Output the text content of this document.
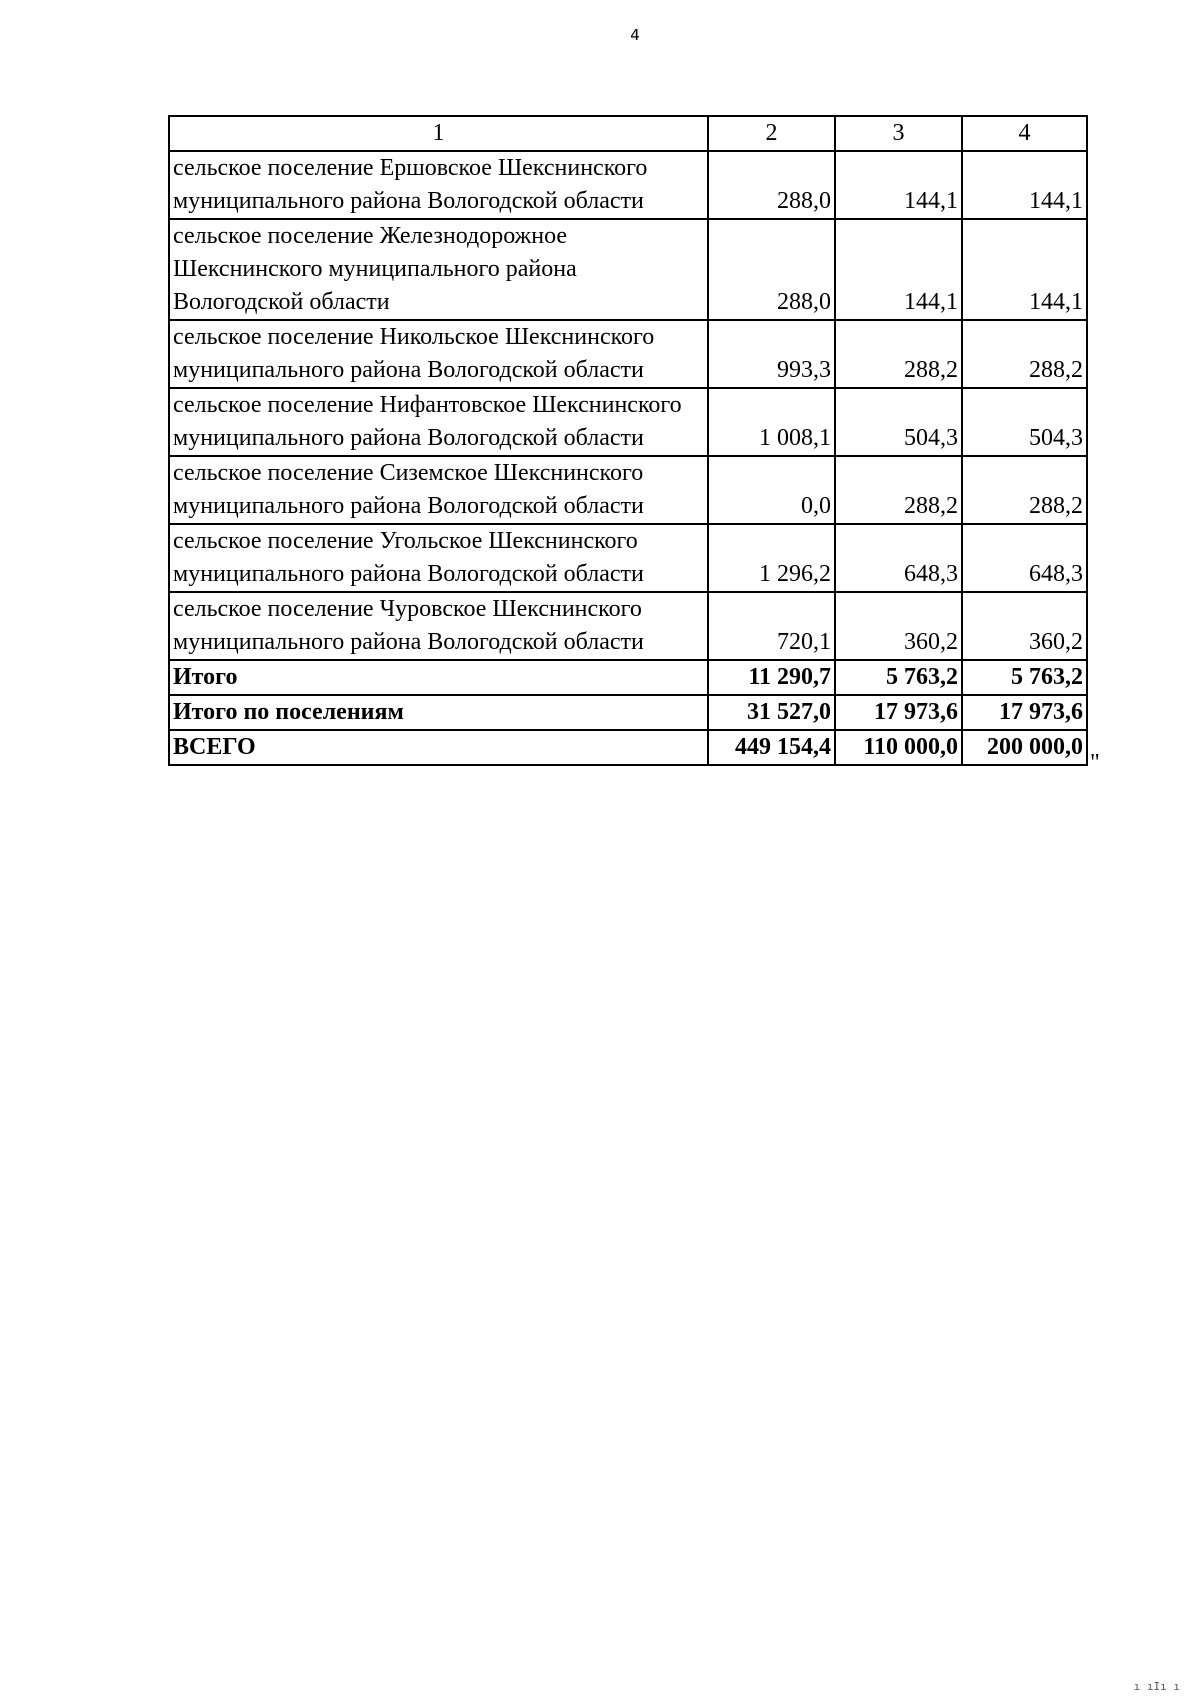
4
1	2	3	4
сельское поселение Ершовское Шекснинского муниципального района Вологодской области	288,0	144,1	144,1
сельское поселение Железнодорожное Шекснинского муниципального района Вологодской области	288,0	144,1	144,1
сельское поселение Никольское Шекснинского муниципального района Вологодской области	993,3	288,2	288,2
сельское поселение Нифантовское Шекснинского муниципального района Вологодской области	1 008,1	504,3	504,3
сельское поселение Сиземское Шекснинского муниципального района Вологодской области	0,0	288,2	288,2
сельское поселение Угольское Шекснинского муниципального района Вологодской области	1 296,2	648,3	648,3
сельское поселение Чуровское Шекснинского муниципального района Вологодской области	720,1	360,2	360,2
Итого	11 290,7	5 763,2	5 763,2
Итого по поселениям	31 527,0	17 973,6	17 973,6
ВСЕГО	449 154,4	110 000,0	200 000,0
"
ı ıIı ı
